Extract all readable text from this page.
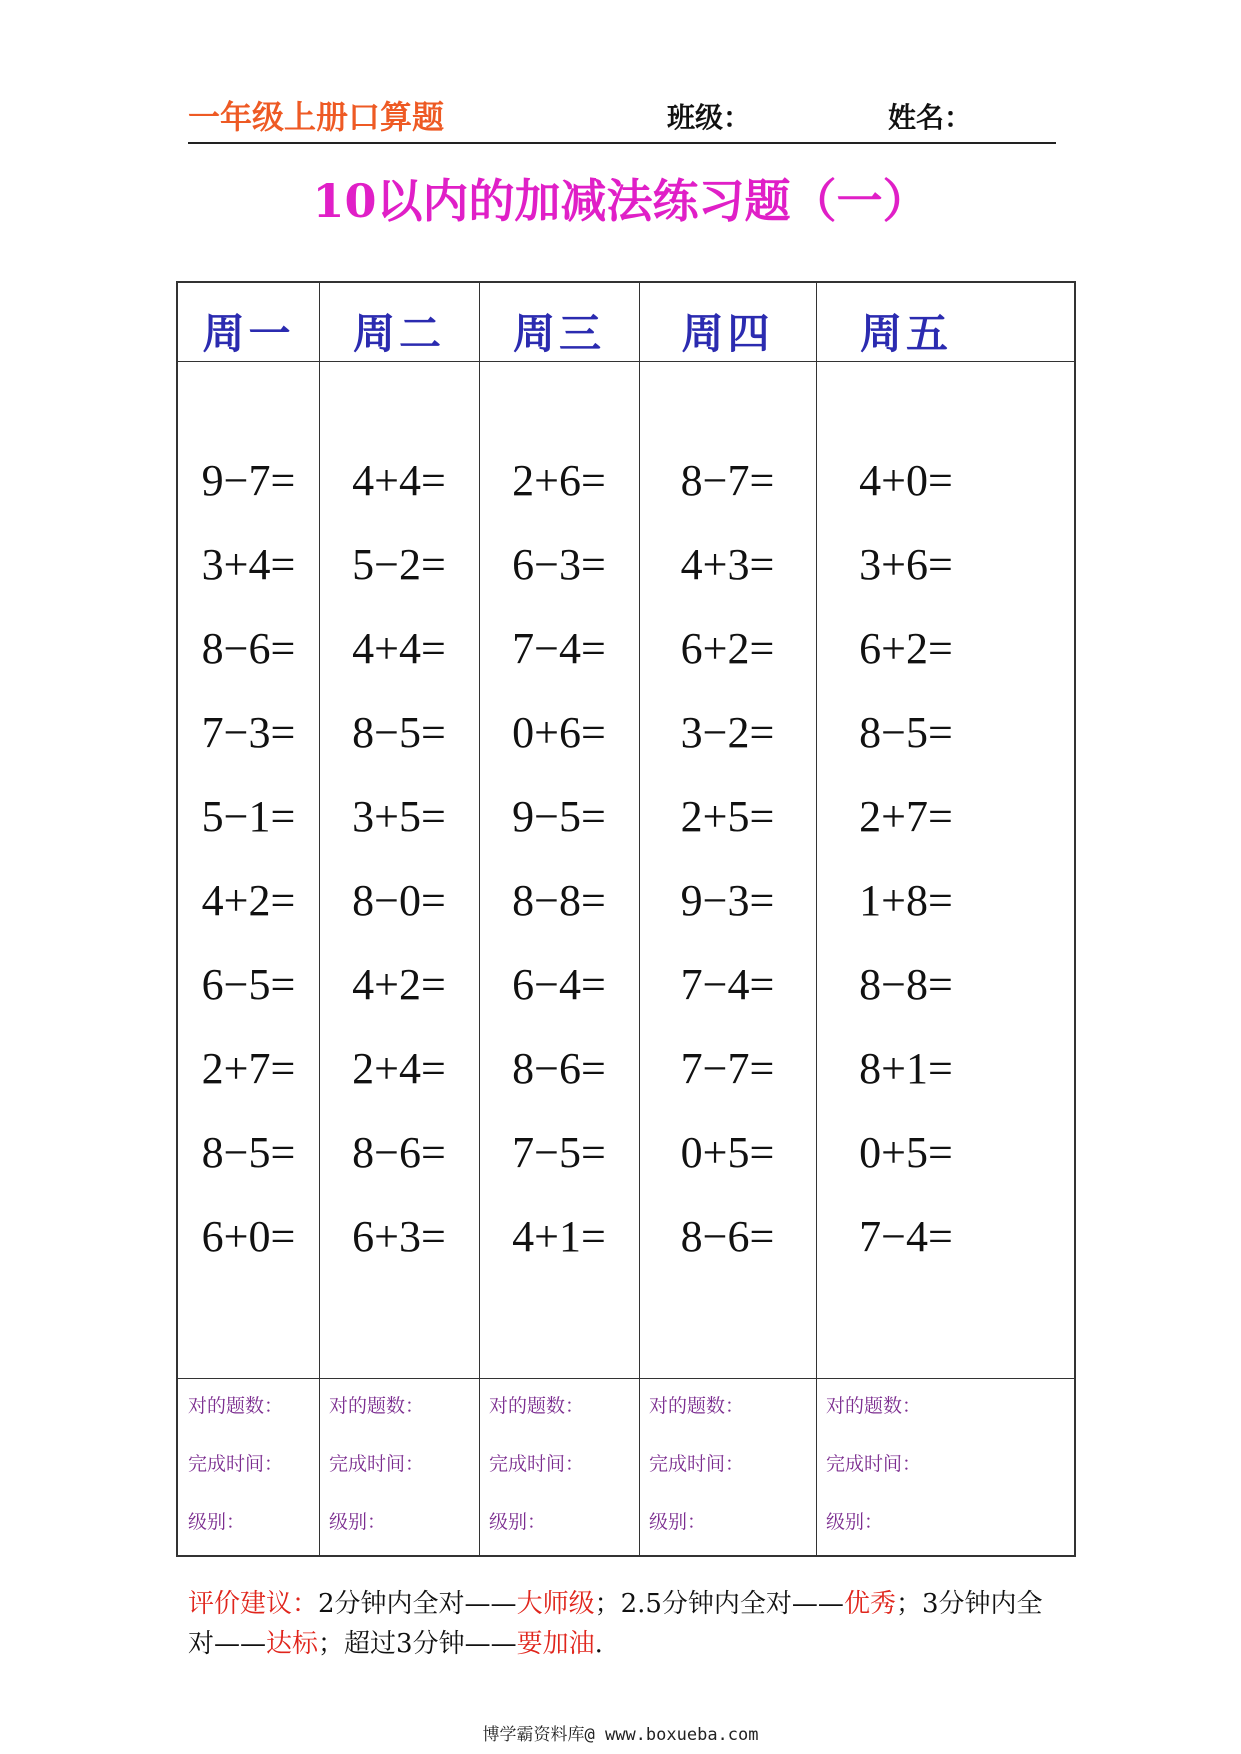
一年级上册口算题	班级：	姓名：
10以内的加减法练习题（一）
周一
9−7=
3+4=
8−6=
7−3=
5−1=
4+2=
6−5=
2+7=
8−5=
6+0=
对的题数：
完成时间：
级别：
周二
4+4=
5−2=
4+4=
8−5=
3+5=
8−0=
4+2=
2+4=
8−6=
6+3=
对的题数：
完成时间：
级别：
周三
2+6=
6−3=
7−4=
0+6=
9−5=
8−8=
6−4=
8−6=
7−5=
4+1=
对的题数：
完成时间：
级别：
周四
8−7=
4+3=
6+2=
3−2=
2+5=
9−3=
7−4=
7−7=
0+5=
8−6=
对的题数：
完成时间：
级别：
周五
4+0=
3+6=
6+2=
8−5=
2+7=
1+8=
8−8=
8+1=
0+5=
7−4=
对的题数：
完成时间：
级别：
评价建议：2分钟内全对——大师级；2.5分钟内全对——优秀；3分钟内全对——达标；超过3分钟——要加油.
博学霸资料库@ www.boxueba.com
